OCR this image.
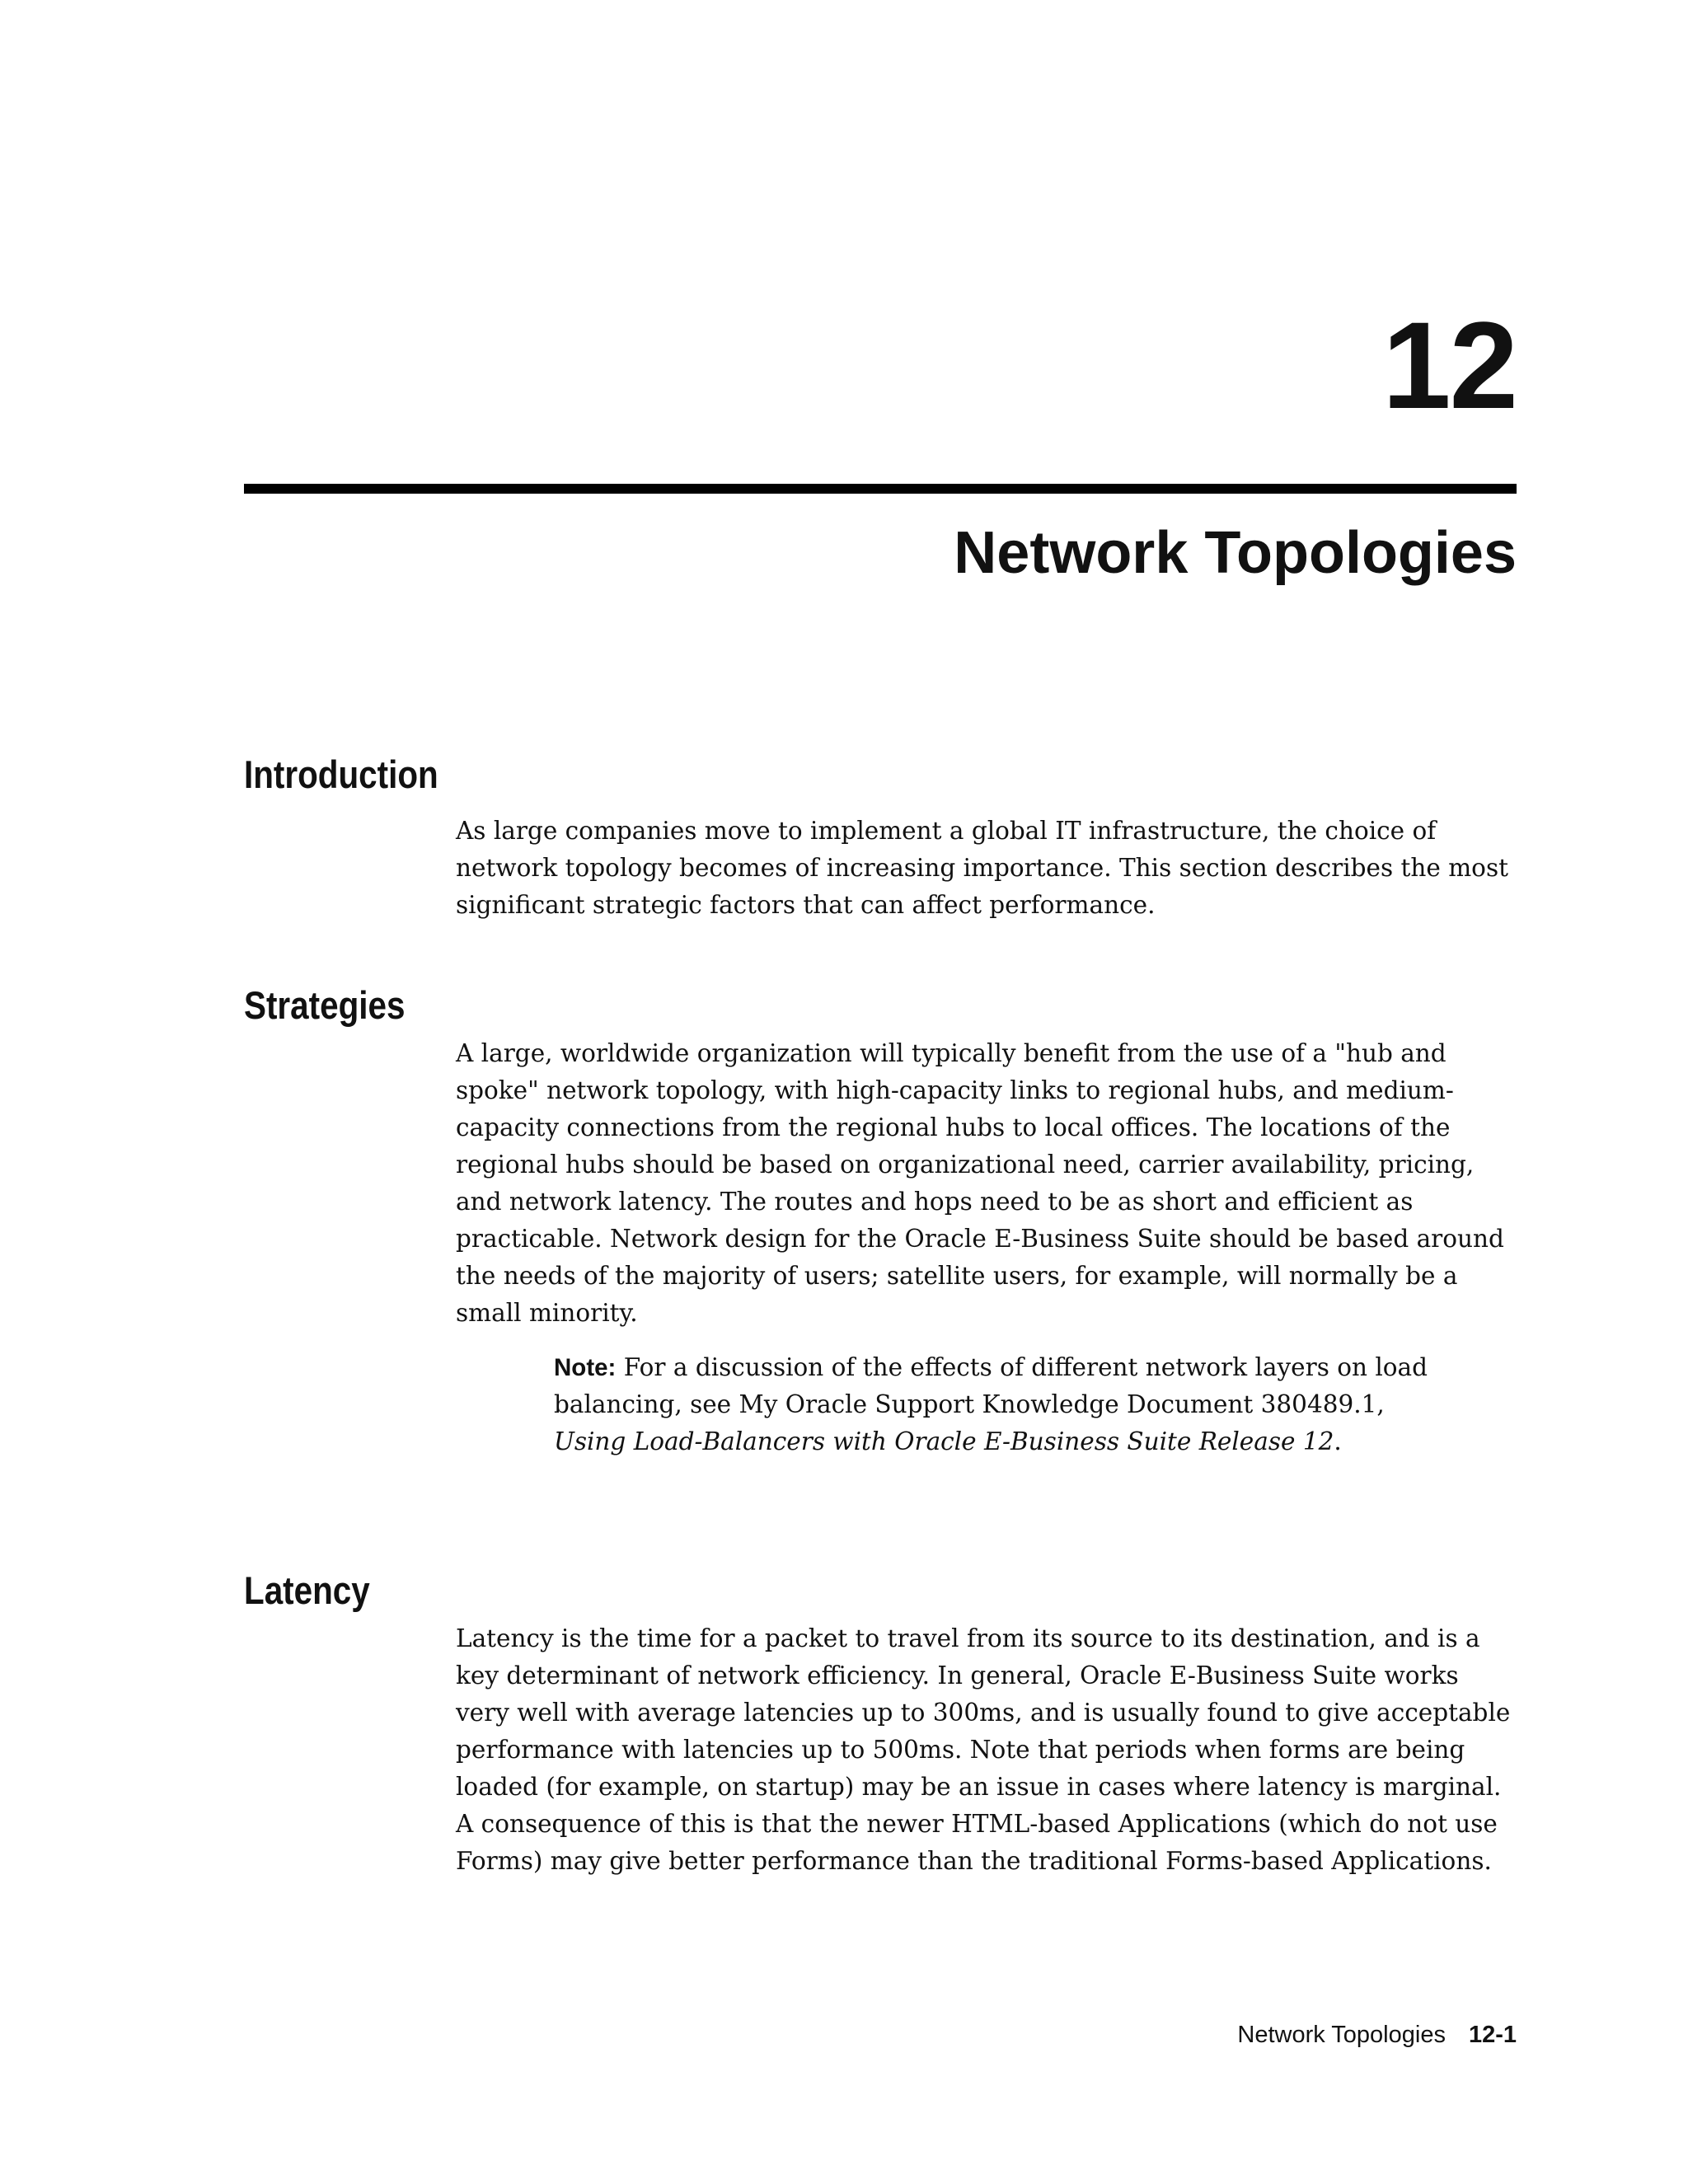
12
Network Topologies
Introduction

As large companies move to implement a global IT infrastructure, the choice of network topology becomes of increasing importance. This section describes the most significant strategic factors that can affect performance.

Strategies

A large, worldwide organization will typically benefit from the use of a "hub and spoke" network topology, with high-capacity links to regional hubs, and medium-capacity connections from the regional hubs to local offices. The locations of the regional hubs should be based on organizational need, carrier availability, pricing, and network latency. The routes and hops need to be as short and efficient as practicable. Network design for the Oracle E-Business Suite should be based around the needs of the majority of users; satellite users, for example, will normally be a small minority.

Note: For a discussion of the effects of different network layers on load balancing, see My Oracle Support Knowledge Document 380489.1,
Using Load-Balancers with Oracle E-Business Suite Release 12.

Latency

Latency is the time for a packet to travel from its source to its destination, and is a key determinant of network efficiency. In general, Oracle E-Business Suite works very well with average latencies up to 300ms, and is usually found to give acceptable performance with latencies up to 500ms. Note that periods when forms are being loaded (for example, on startup) may be an issue in cases where latency is marginal. A consequence of this is that the newer HTML-based Applications (which do not use Forms) may give better performance than the traditional Forms-based Applications.

Network Topologies 12-1
